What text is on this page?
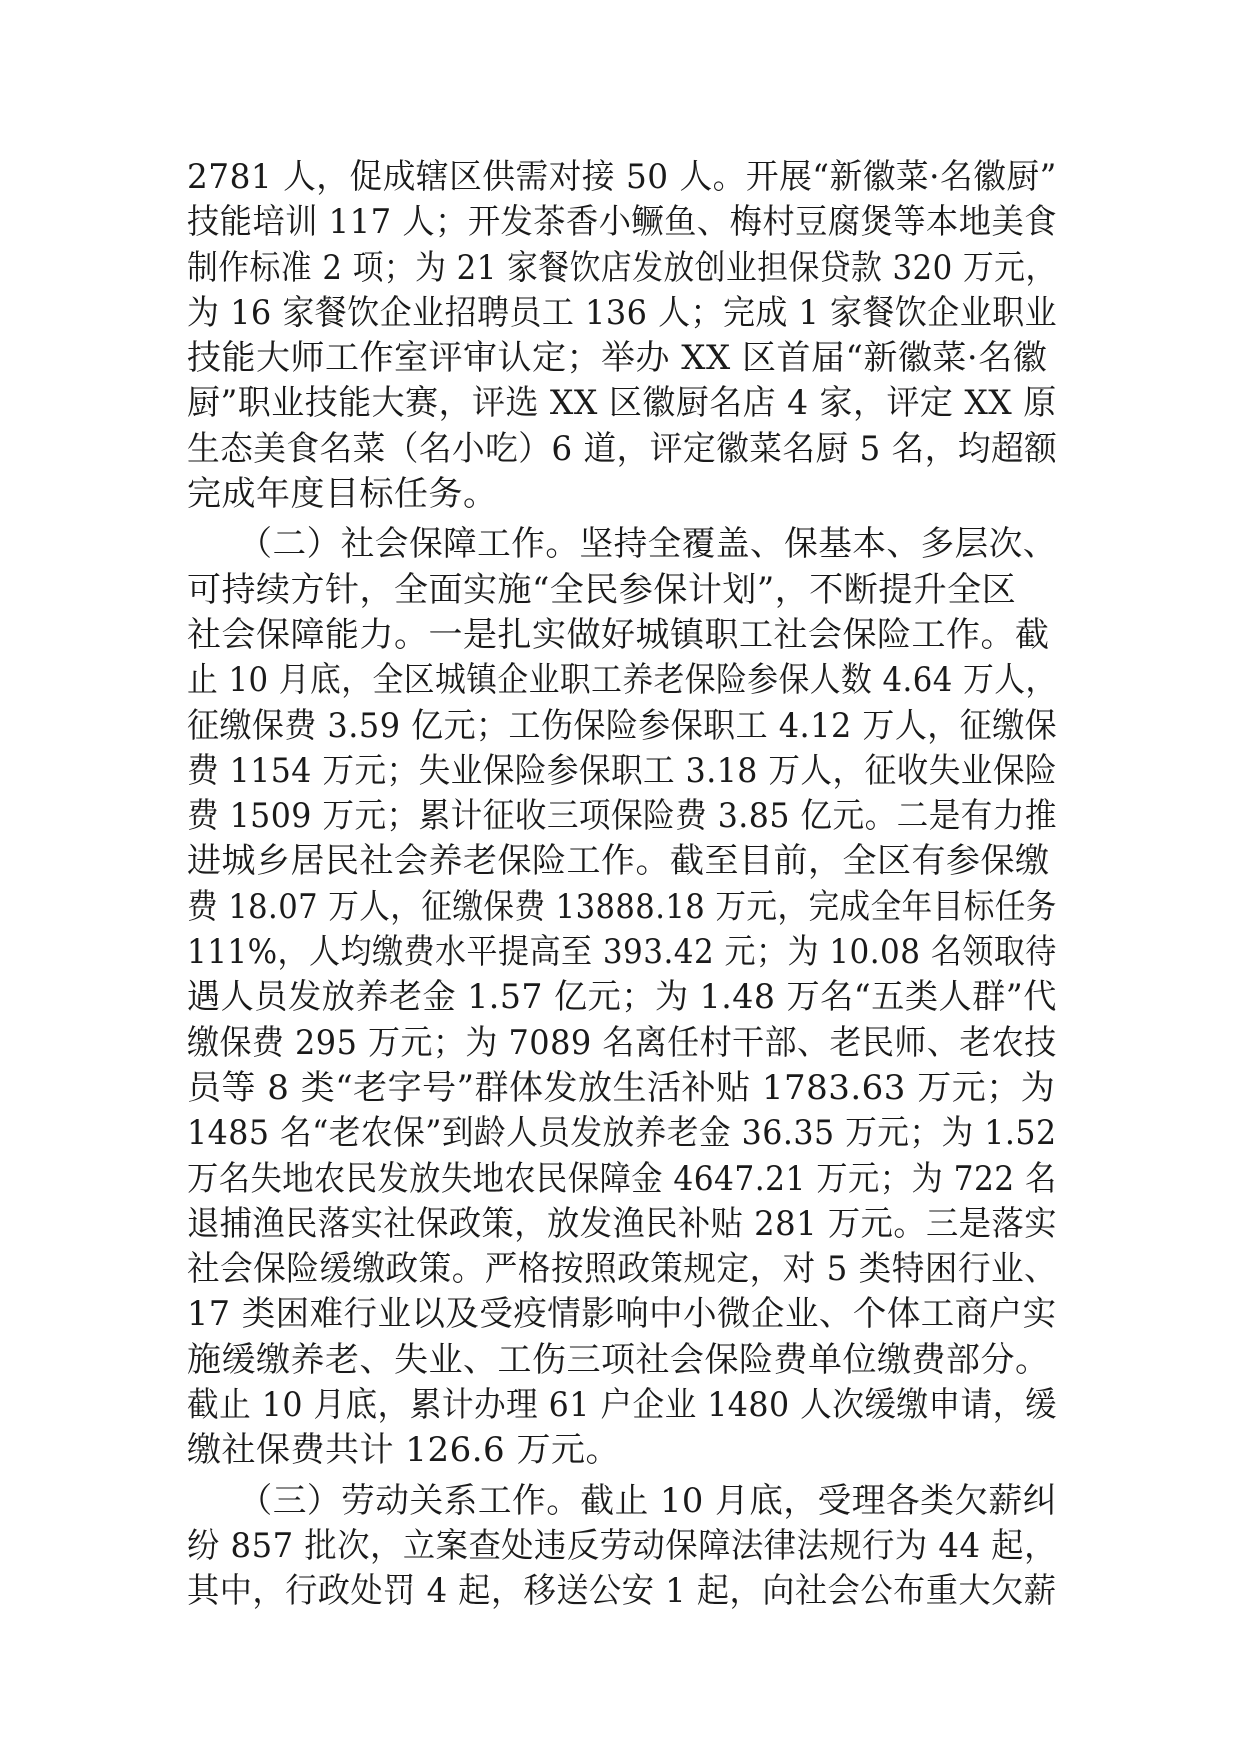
2781 人，促成辖区供需对接 50 人。开展“新徽菜·名徽厨”
技能培训 117 人；开发茶香小鳜鱼、梅村豆腐煲等本地美食
制作标准 2 项；为 21 家餐饮店发放创业担保贷款 320 万元，
为 16 家餐饮企业招聘员工 136 人；完成 1 家餐饮企业职业
技能大师工作室评审认定；举办 XX 区首届“新徽菜·名徽
厨”职业技能大赛，评选 XX 区徽厨名店 4 家，评定 XX 原
生态美食名菜（名小吃）6 道，评定徽菜名厨 5 名，均超额
完成年度目标任务。
　　（二）社会保障工作。坚持全覆盖、保基本、多层次、
可持续方针，全面实施“全民参保计划”，不断提升全区
社会保障能力。一是扎实做好城镇职工社会保险工作。截
止 10 月底，全区城镇企业职工养老保险参保人数 4.64 万人，
征缴保费 3.59 亿元；工伤保险参保职工 4.12 万人，征缴保
费 1154 万元；失业保险参保职工 3.18 万人，征收失业保险
费 1509 万元；累计征收三项保险费 3.85 亿元。二是有力推
进城乡居民社会养老保险工作。截至目前，全区有参保缴
费 18.07 万人，征缴保费 13888.18 万元，完成全年目标任务
111%，人均缴费水平提高至 393.42 元；为 10.08 名领取待
遇人员发放养老金 1.57 亿元；为 1.48 万名“五类人群”代
缴保费 295 万元；为 7089 名离任村干部、老民师、老农技
员等 8 类“老字号”群体发放生活补贴 1783.63 万元；为
1485 名“老农保”到龄人员发放养老金 36.35 万元；为 1.52
万名失地农民发放失地农民保障金 4647.21 万元；为 722 名
退捕渔民落实社保政策，放发渔民补贴 281 万元。三是落实
社会保险缓缴政策。严格按照政策规定，对 5 类特困行业、
17 类困难行业以及受疫情影响中小微企业、个体工商户实
施缓缴养老、失业、工伤三项社会保险费单位缴费部分。
截止 10 月底，累计办理 61 户企业 1480 人次缓缴申请，缓
缴社保费共计 126.6 万元。
　　（三）劳动关系工作。截止 10 月底，受理各类欠薪纠
纷 857 批次，立案查处违反劳动保障法律法规行为 44 起，
其中，行政处罚 4 起，移送公安 1 起，向社会公布重大欠薪
